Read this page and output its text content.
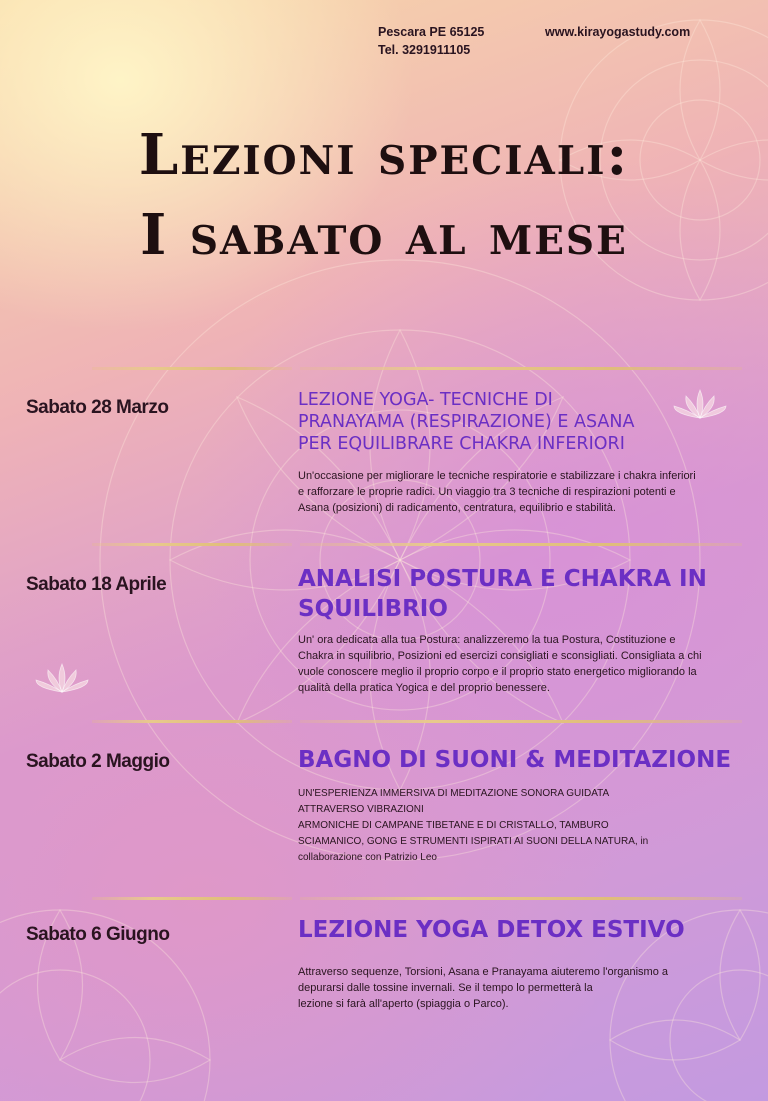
Pescara PE 65125
Tel. 3291911105
www.kirayogastudy.com
Lezioni speciali:
I sabato al mese
Sabato 28 Marzo	LEZIONE YOGA- TECNICHE DI
PRANAYAMA (RESPIRAZIONE) E ASANA
PER EQUILIBRARE CHAKRA INFERIORI
Un'occasione per migliorare le tecniche respiratorie e stabilizzare i chakra inferiori
e rafforzare le proprie radici. Un viaggio tra 3 tecniche di respirazioni potenti e
Asana (posizioni) di radicamento, centratura, equilibrio e stabilità.
Sabato 18 Aprile	ANALISI POSTURA E CHAKRA IN
SQUILIBRIO
Un' ora dedicata alla tua Postura: analizzeremo la tua Postura, Costituzione e
Chakra in squilibrio, Posizioni ed esercizi consigliati e sconsigliati. Consigliata a chi
vuole conoscere meglio il proprio corpo e il proprio stato energetico migliorando la
qualità della pratica Yogica e del proprio benessere.
Sabato 2 Maggio	BAGNO DI SUONI & MEDITAZIONE
UN'ESPERIENZA IMMERSIVA DI MEDITAZIONE SONORA GUIDATA
ATTRAVERSO VIBRAZIONI
ARMONICHE DI CAMPANE TIBETANE E DI CRISTALLO, TAMBURO
SCIAMANICO, GONG E STRUMENTI ISPIRATI AI SUONI DELLA NATURA, in
collaborazione con Patrizio Leo
Sabato 6 Giugno	LEZIONE YOGA DETOX ESTIVO
Attraverso sequenze, Torsioni, Asana e Pranayama aiuteremo l'organismo a
depurarsi dalle tossine invernali. Se il tempo lo permetterà la
lezione si farà all'aperto (spiaggia o Parco).
